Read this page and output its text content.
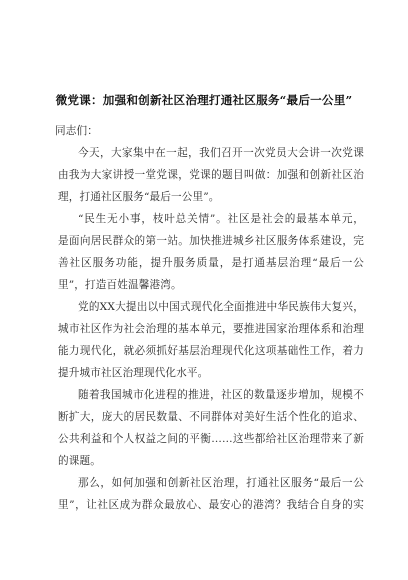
微党课：加强和创新社区治理打通社区服务“最后一公里”
同志们：
今天，大家集中在一起，我们召开一次党员大会讲一次党课
由我为大家讲授一堂党课，党课的题目叫做：加强和创新社区治
理，打通社区服务“最后一公里”。
“民生无小事，枝叶总关情”。社区是社会的最基本单元，
是面向居民群众的第一站。加快推进城乡社区服务体系建设，完
善社区服务功能，提升服务质量，是打通基层治理“最后一公
里”，打造百姓温馨港湾。
党的XX大提出以中国式现代化全面推进中华民族伟大复兴，
城市社区作为社会治理的基本单元，要推进国家治理体系和治理
能力现代化，就必须抓好基层治理现代化这项基础性工作，着力
提升城市社区治理现代化水平。
随着我国城市化进程的推进，社区的数量逐步增加，规模不
断扩大，庞大的居民数量、不同群体对美好生活个性化的追求、
公共利益和个人权益之间的平衡……这些都给社区治理带来了新
的课题。
那么，如何加强和创新社区治理，打通社区服务“最后一公
里”，让社区成为群众最放心、最安心的港湾？我结合自身的实
